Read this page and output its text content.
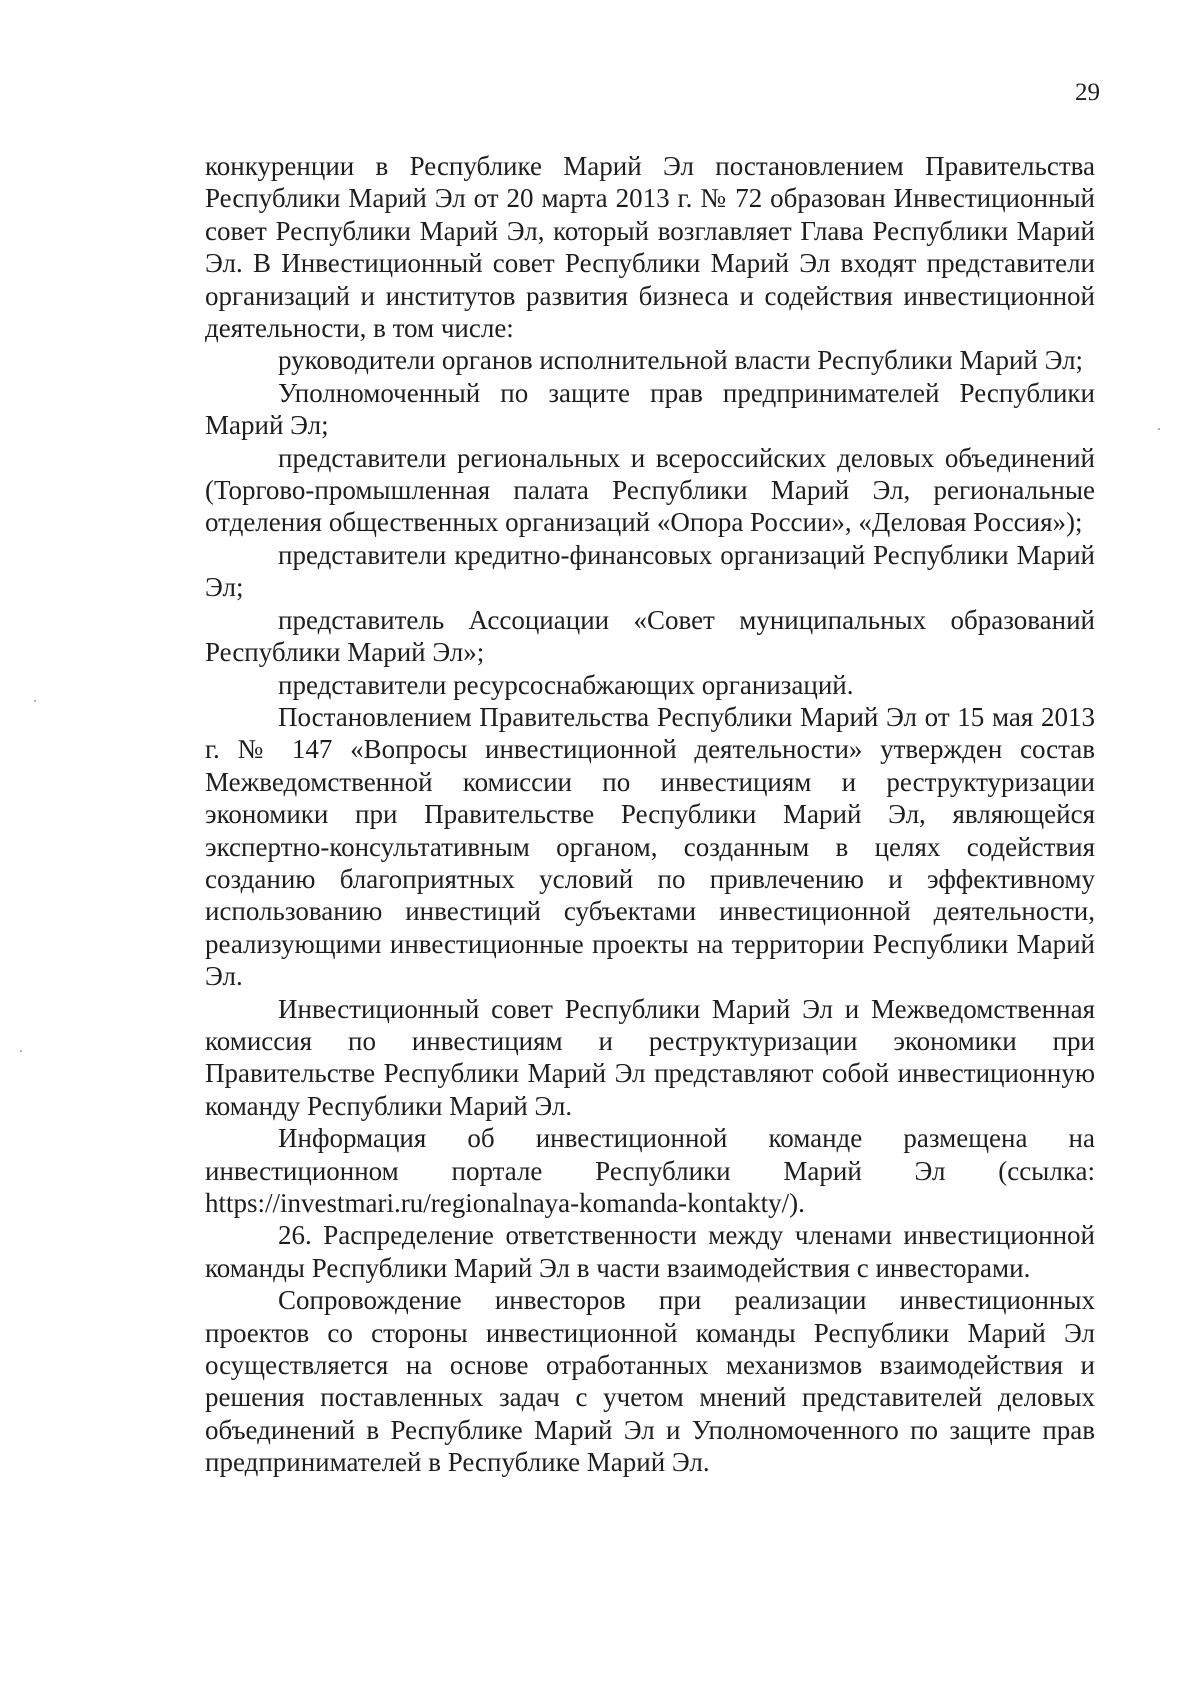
29

конкуренции в Республике Марий Эл постановлением Правительства Республики Марий Эл от 20 марта 2013 г. № 72 образован Инвестиционный совет Республики Марий Эл, который возглавляет Глава Республики Марий Эл. В Инвестиционный совет Республики Марий Эл входят представители организаций и институтов развития бизнеса и содействия инвестиционной деятельности, в том числе:

руководители органов исполнительной власти Республики Марий Эл;

Уполномоченный по защите прав предпринимателей Республики Марий Эл;

представители региональных и всероссийских деловых объединений (Торгово-промышленная палата Республики Марий Эл, региональные отделения общественных организаций «Опора России», «Деловая Россия»);

представители кредитно-финансовых организаций Республики Марий Эл;

представитель Ассоциации «Совет муниципальных образований Республики Марий Эл»;

представители ресурсоснабжающих организаций.

Постановлением Правительства Республики Марий Эл от 15 мая 2013 г. № 147 «Вопросы инвестиционной деятельности» утвержден состав Межведомственной комиссии по инвестициям и реструктуризации экономики при Правительстве Республики Марий Эл, являющейся экспертно-консультативным органом, созданным в целях содействия созданию благоприятных условий по привлечению и эффективному использованию инвестиций субъектами инвестиционной деятельности, реализующими инвестиционные проекты на территории Республики Марий Эл.

Инвестиционный совет Республики Марий Эл и Межведомственная комиссия по инвестициям и реструктуризации экономики при Правительстве Республики Марий Эл представляют собой инвестиционную команду Республики Марий Эл.

Информация об инвестиционной команде размещена на инвестиционном портале Республики Марий Эл (ссылка: https://investmari.ru/regionalnaya-komanda-kontakty/).

26. Распределение ответственности между членами инвестиционной команды Республики Марий Эл в части взаимодействия с инвесторами.

Сопровождение инвесторов при реализации инвестиционных проектов со стороны инвестиционной команды Республики Марий Эл осуществляется на основе отработанных механизмов взаимодействия и решения поставленных задач с учетом мнений представителей деловых объединений в Республике Марий Эл и Уполномоченного по защите прав предпринимателей в Республике Марий Эл.
